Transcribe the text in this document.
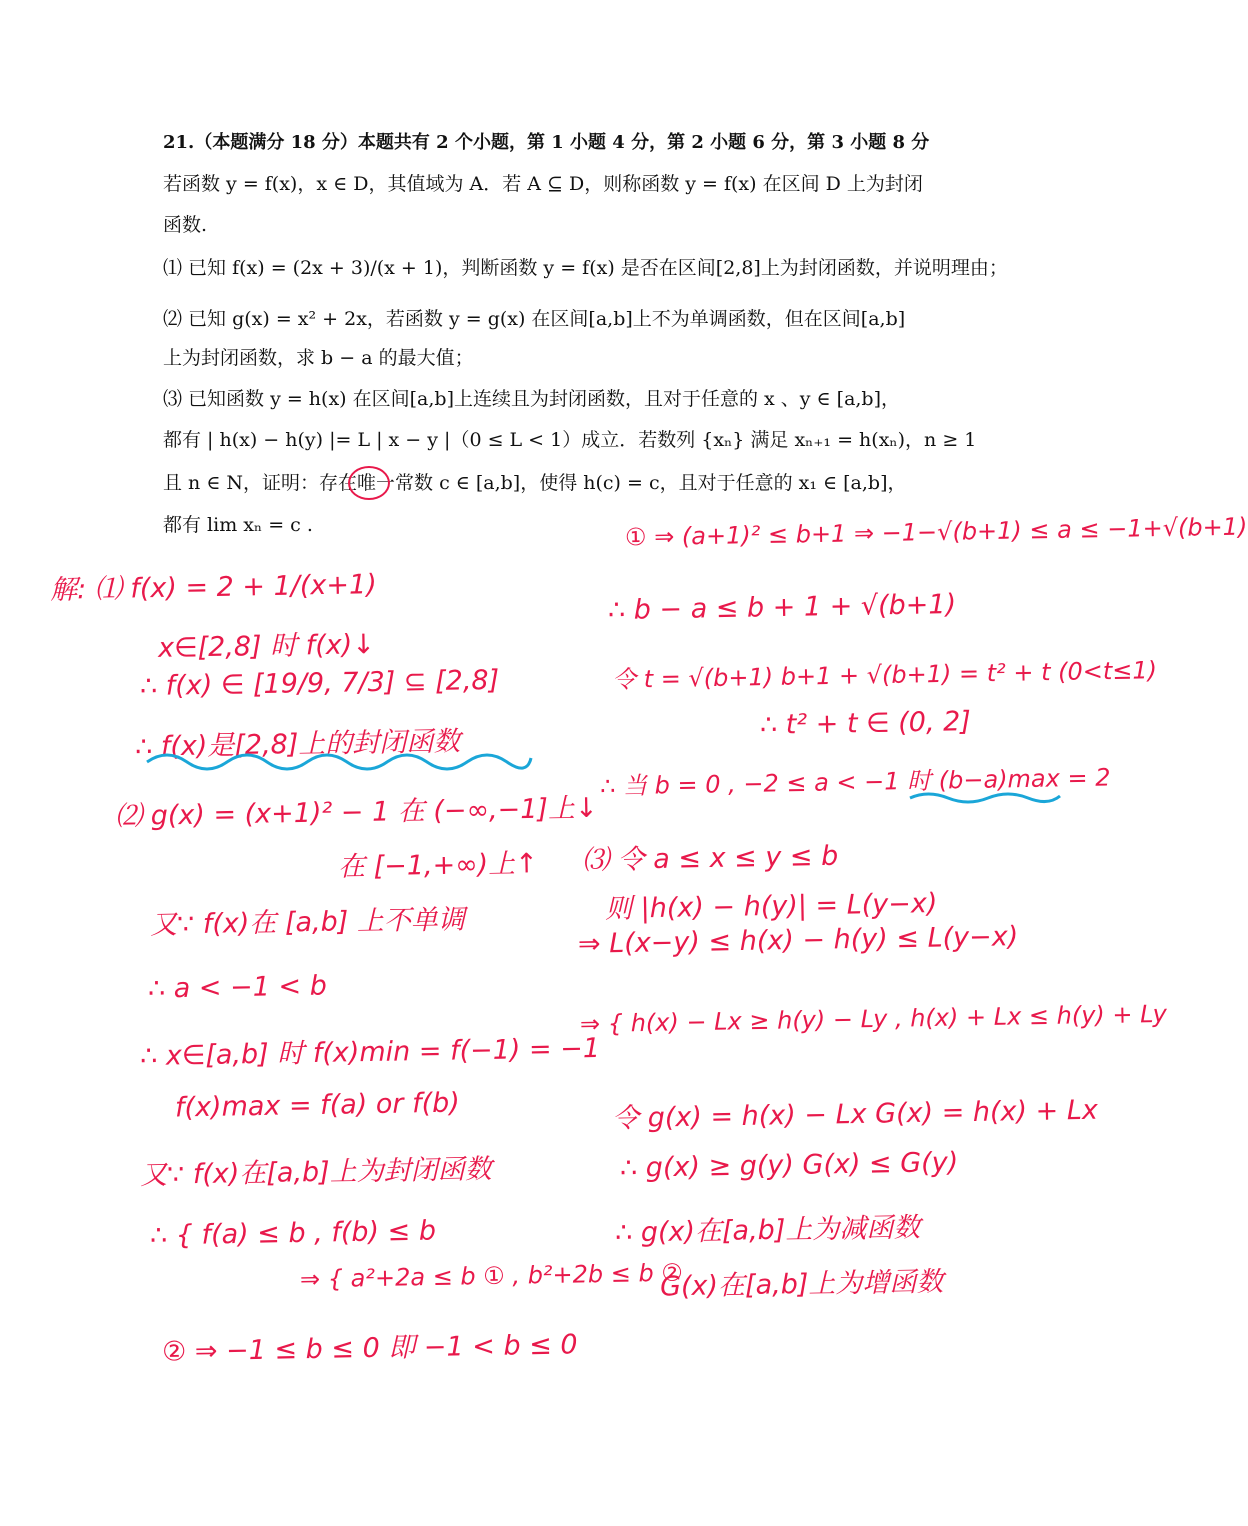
21.（本题满分 18 分）本题共有 2 个小题，第 1 小题 4 分，第 2 小题 6 分，第 3 小题 8 分
若函数 y = f(x)，x ∈ D，其值域为 A．若 A ⊆ D，则称函数 y = f(x) 在区间 D 上为封闭
函数.
⑴ 已知 f(x) = (2x + 3)/(x + 1)，判断函数 y = f(x) 是否在区间[2,8]上为封闭函数，并说明理由；
⑵ 已知 g(x) = x² + 2x，若函数 y = g(x) 在区间[a,b]上不为单调函数，但在区间[a,b]
上为封闭函数，求 b − a 的最大值；
⑶ 已知函数 y = h(x) 在区间[a,b]上连续且为封闭函数，且对于任意的 x 、y ∈ [a,b]，
都有 | h(x) − h(y) |= L | x − y |（0 ≤ L < 1）成立．若数列 {xₙ} 满足 xₙ₊₁ = h(xₙ)，n ≥ 1
且 n ∈ N，证明：存在唯一常数 c ∈ [a,b]，使得 h(c) = c，且对于任意的 x₁ ∈ [a,b]，
都有 lim xₙ = c .
解: ⑴ f(x) = 2 + 1/(x+1)
x∈[2,8] 时 f(x)↓
∴ f(x) ∈ [19/9, 7/3] ⊆ [2,8]
∴ f(x)是[2,8]上的封闭函数
⑵ g(x) = (x+1)² − 1 在 (−∞,−1]上↓
在 [−1,+∞)上↑
又∵ f(x)在 [a,b] 上不单调
∴ a < −1 < b
∴ x∈[a,b] 时 f(x)min = f(−1) = −1
f(x)max = f(a) or f(b)
又∵ f(x)在[a,b]上为封闭函数
∴ { f(a) ≤ b , f(b) ≤ b
⇒ { a²+2a ≤ b ① , b²+2b ≤ b ②
② ⇒ −1 ≤ b ≤ 0 即 −1 < b ≤ 0
① ⇒ (a+1)² ≤ b+1 ⇒ −1−√(b+1) ≤ a ≤ −1+√(b+1)
∴ b − a ≤ b + 1 + √(b+1)
令 t = √(b+1) b+1 + √(b+1) = t² + t (0<t≤1)
∴ t² + t ∈ (0, 2]
∴ 当 b = 0 , −2 ≤ a < −1 时 (b−a)max = 2
⑶ 令 a ≤ x ≤ y ≤ b
则 |h(x) − h(y)| = L(y−x)
⇒ L(x−y) ≤ h(x) − h(y) ≤ L(y−x)
⇒ { h(x) − Lx ≥ h(y) − Ly , h(x) + Lx ≤ h(y) + Ly
令 g(x) = h(x) − Lx G(x) = h(x) + Lx
∴ g(x) ≥ g(y) G(x) ≤ G(y)
∴ g(x)在[a,b]上为减函数
G(x)在[a,b]上为增函数
